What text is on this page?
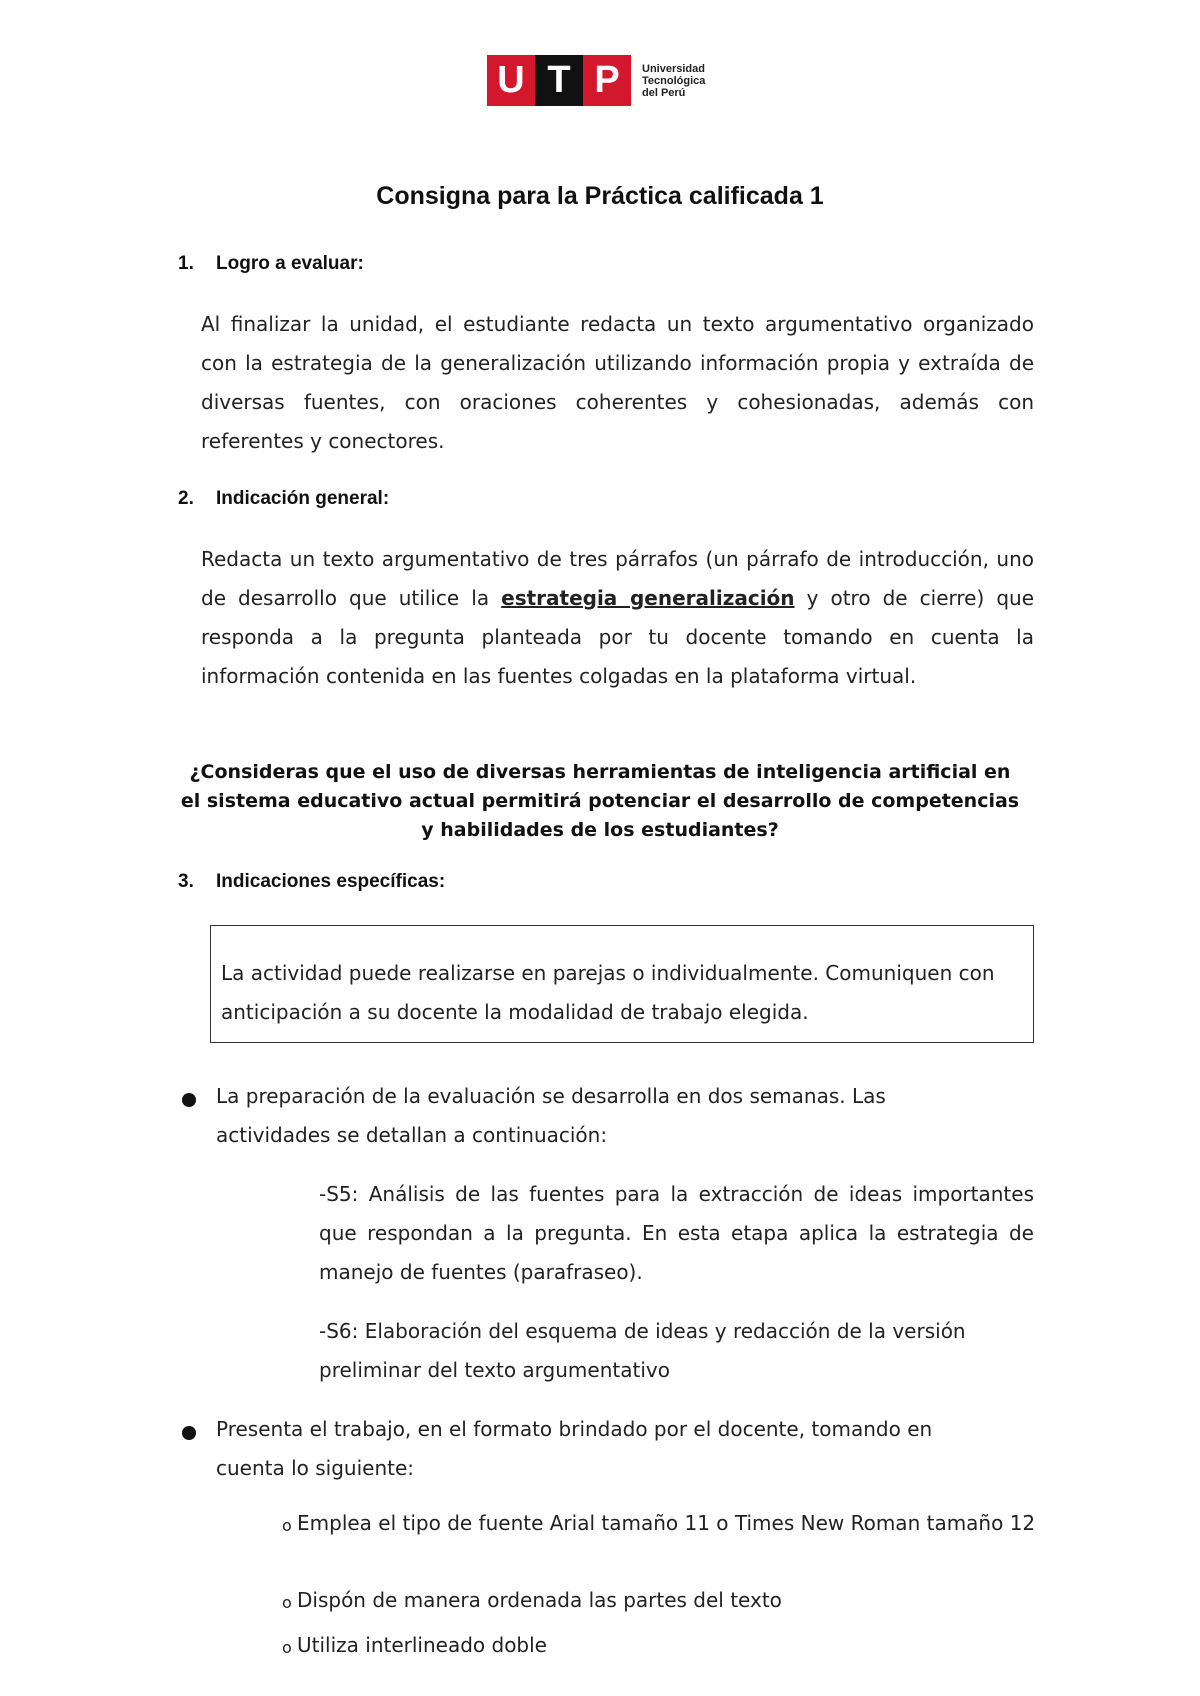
U T P	Universidad
Tecnológica
del Perú
Consigna para la Práctica calificada 1
1. Logro a evaluar:
Al finalizar la unidad, el estudiante redacta un texto argumentativo organizado con la estrategia de la generalización utilizando información propia y extraída de diversas fuentes, con oraciones coherentes y cohesionadas, además con referentes y conectores.
2. Indicación general:
Redacta un texto argumentativo de tres párrafos (un párrafo de introducción, uno de desarrollo que utilice la estrategia generalización y otro de cierre) que responda a la pregunta planteada por tu docente tomando en cuenta la información contenida en las fuentes colgadas en la plataforma virtual.
¿Consideras que el uso de diversas herramientas de inteligencia artificial en el sistema educativo actual permitirá potenciar el desarrollo de competencias y habilidades de los estudiantes?
3. Indicaciones específicas:
La actividad puede realizarse en parejas o individualmente. Comuniquen con anticipación a su docente la modalidad de trabajo elegida.
La preparación de la evaluación se desarrolla en dos semanas. Las actividades se detallan a continuación:
-S5: Análisis de las fuentes para la extracción de ideas importantes que respondan a la pregunta. En esta etapa aplica la estrategia de manejo de fuentes (parafraseo).
-S6: Elaboración del esquema de ideas y redacción de la versión preliminar del texto argumentativo
Presenta el trabajo, en el formato brindado por el docente, tomando en cuenta lo siguiente:
o Emplea el tipo de fuente Arial tamaño 11 o Times New Roman tamaño 12
o Dispón de manera ordenada las partes del texto
o Utiliza interlineado doble
